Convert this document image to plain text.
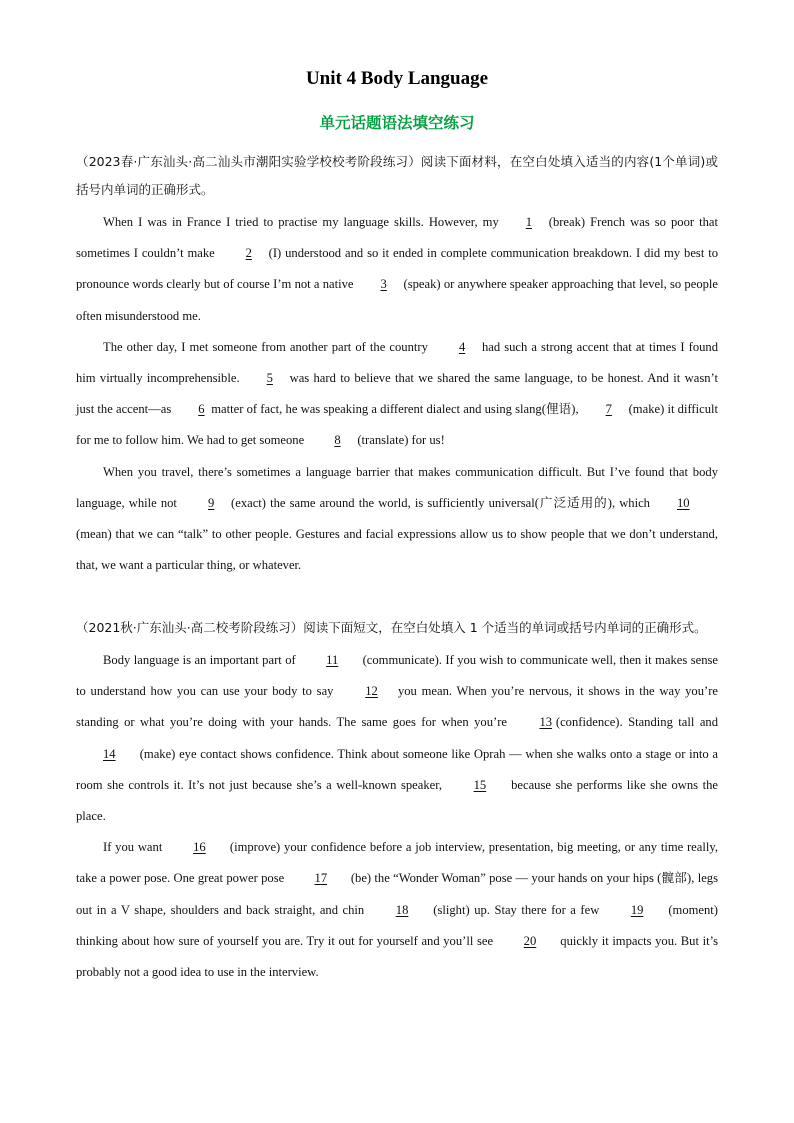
Unit 4 Body Language
单元话题语法填空练习

（2023春·广东汕头·高二汕头市潮阳实验学校校考阶段练习）阅读下面材料，在空白处填入适当的内容(1个单词)或括号内单词的正确形式。

When I was in France I tried to practise my language skills. However, my 1 (break) French was so poor that sometimes I couldn’t make 2 (I) understood and so it ended in complete communication breakdown. I did my best to pronounce words clearly but of course I’m not a native 3 (speak) or anywhere speaker approaching that level, so people often misunderstood me.

The other day, I met someone from another part of the country 4 had such a strong accent that at times I found him virtually incomprehensible. 5 was hard to believe that we shared the same language, to be honest. And it wasn’t just the accent—as 6 matter of fact, he was speaking a different dialect and using slang(俚语), 7 (make) it difficult for me to follow him. We had to get someone 8 (translate) for us!

When you travel, there’s sometimes a language barrier that makes communication difficult. But I’ve found that body language, while not 9 (exact) the same around the world, is sufficiently universal(广泛适用的), which 10(mean) that we can “talk” to other people. Gestures and facial expressions allow us to show people that we don’t understand, that, we want a particular thing, or whatever.

（2021秋·广东汕头·高二校考阶段练习）阅读下面短文，在空白处填入 1 个适当的单词或括号内单词的正确形式。

Body language is an important part of 11 (communicate). If you wish to communicate well, then it makes sense to understand how you can use your body to say 12 you mean. When you’re nervous, it shows in the way you’re standing or what you’re doing with your hands. The same goes for when you’re 13 (confidence). Standing tall and 14 (make) eye contact shows confidence. Think about someone like Oprah — when she walks onto a stage or into a room she controls it. It’s not just because she’s a well-known speaker, 15 because she performs like she owns the place.

If you want 16 (improve) your confidence before a job interview, presentation, big meeting, or any time really, take a power pose. One great power pose 17 (be) the “Wonder Woman” pose — your hands on your hips (髋部), legs out in a V shape, shoulders and back straight, and chin 18 (slight) up. Stay there for a few 19 (moment) thinking about how sure of yourself you are. Try it out for yourself and you’ll see 20 quickly it impacts you. But it’s probably not a good idea to use in the interview.
